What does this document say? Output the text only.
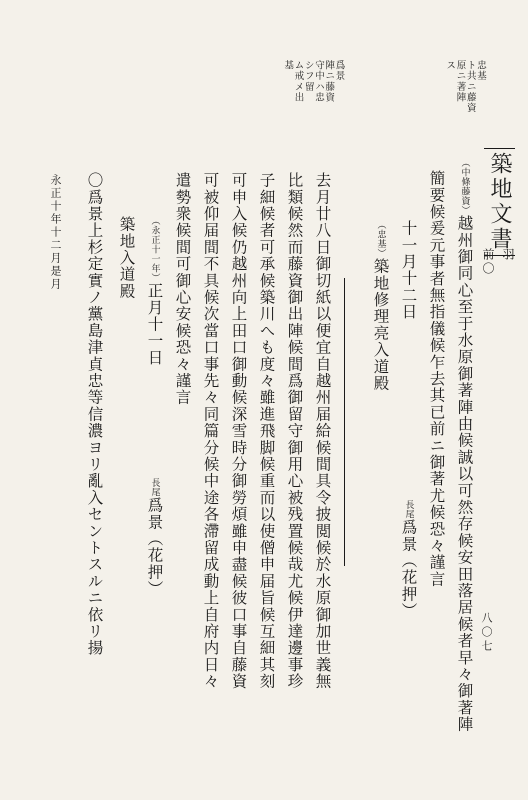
忠基
ト共ニ藤資
原ニ著陣
ス
爲景
陣ニ藤資
守中ハ忠
シフ留
ム戒メ出
基
築地文書
前〇 羽
八〇七
（中條藤資）越州御同心至于水原御著陣由候誠以可然存候安田落居候者早々御著陣
簡要候爰元事者無指儀候乍去其已前ニ御著尤候恐々謹言
十一月十二日
長尾爲景（花押）
（忠基）築地修理亮入道殿
去月廿八日御切紙以便宜自越州届給候間具令披閲候於水原御加世義無
比類候然而藤資御出陣候間爲御留守御用心被残置候哉尤候伊達邊事珍
子細候者可承候築川へも度々雖進飛脚候重而以使僧申届旨候互細其刻
可申入候仍越州向上田口御動候深雪時分御勞煩雖申盡候彼口事自藤資
可被仰届間不具候次當口事先々同篇分候中途各滯留成動上自府内日々
遣勢衆候間可御心安候恐々謹言
（永正十一年）正月十一日
長尾爲景（花押）
築地入道殿
〇爲景上杉定實ノ黨島津貞忠等信濃ヨリ亂入セントスルニ依リ揚
永正十年十二月是月
